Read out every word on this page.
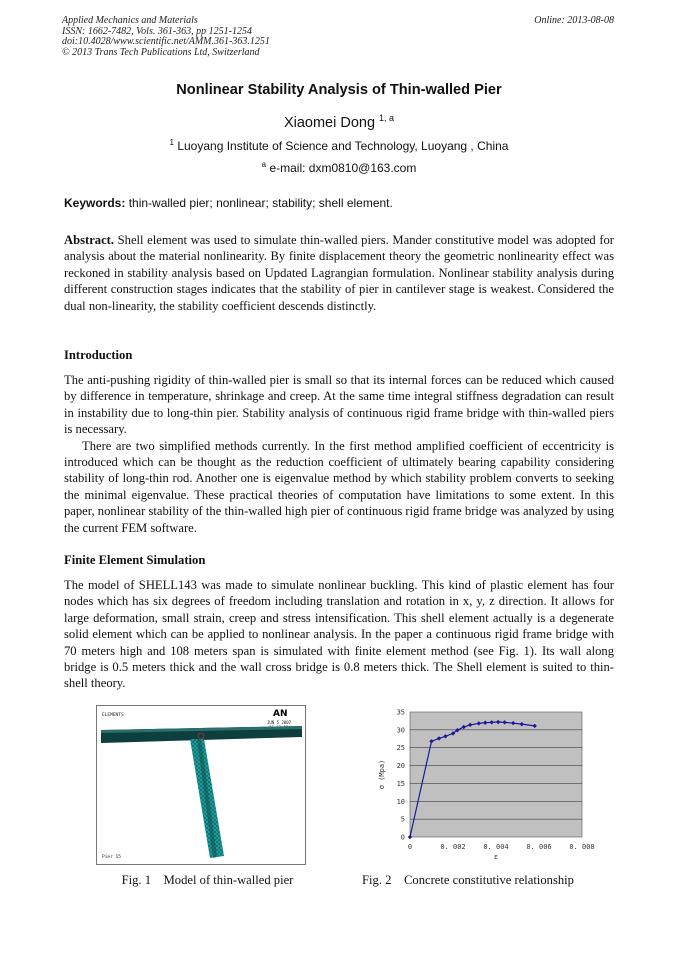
Applied Mechanics and Materials
ISSN: 1662-7482, Vols. 361-363, pp 1251-1254
doi:10.4028/www.scientific.net/AMM.361-363.1251
© 2013 Trans Tech Publications Ltd, Switzerland
Online: 2013-08-08
Nonlinear Stability Analysis of Thin-walled Pier
Xiaomei Dong $^{1, a}$
$^1$ Luoyang Institute of Science and Technology, Luoyang , China
$^a$ e-mail: dxm0810@163.com
Keywords: thin-walled pier; nonlinear; stability; shell element.
Abstract. Shell element was used to simulate thin-walled piers. Mander constitutive model was adopted for analysis about the material nonlinearity. By finite displacement theory the geometric nonlinearity effect was reckoned in stability analysis based on Updated Lagrangian formulation. Nonlinear stability analysis during different construction stages indicates that the stability of pier in cantilever stage is weakest. Considered the dual non-linearity, the stability coefficient descends distinctly.
Introduction
The anti-pushing rigidity of thin-walled pier is small so that its internal forces can be reduced which caused by difference in temperature, shrinkage and creep. At the same time integral stiffness degradation can result in instability due to long-thin pier. Stability analysis of continuous rigid frame bridge with thin-walled piers is necessary.
There are two simplified methods currently. In the first method amplified coefficient of eccentricity is introduced which can be thought as the reduction coefficient of ultimately bearing capability considering stability of long-thin rod. Another one is eigenvalue method by which stability problem converts to seeking the minimal eigenvalue. These practical theories of computation have limitations to some extent. In this paper, nonlinear stability of the thin-walled high pier of continuous rigid frame bridge was analyzed by using the current FEM software.
Finite Element Simulation
The model of SHELL143 was made to simulate nonlinear buckling. This kind of plastic element has four nodes which has six degrees of freedom including translation and rotation in x, y, z direction. It allows for large deformation, small strain, creep and stress intensification. This shell element actually is a degenerate solid element which can be applied to nonlinear analysis. In the paper a continuous rigid frame bridge with 70 meters high and 108 meters span is simulated with finite element method (see Fig. 1). Its wall along bridge is 0.5 meters thick and the wall cross bridge is 0.8 meters thick. The Shell element is suited to thin-shell theory.
ELEMENTS	AN
JUN 5 2007
Pier 15
Fig. 1    Model of thin-walled pier
0
5
10
15
20
25
30
35
0	0. 002	0. 004	0. 006	0. 008
ε
σ (Mpa)
Fig. 2    Concrete constitutive relationship
